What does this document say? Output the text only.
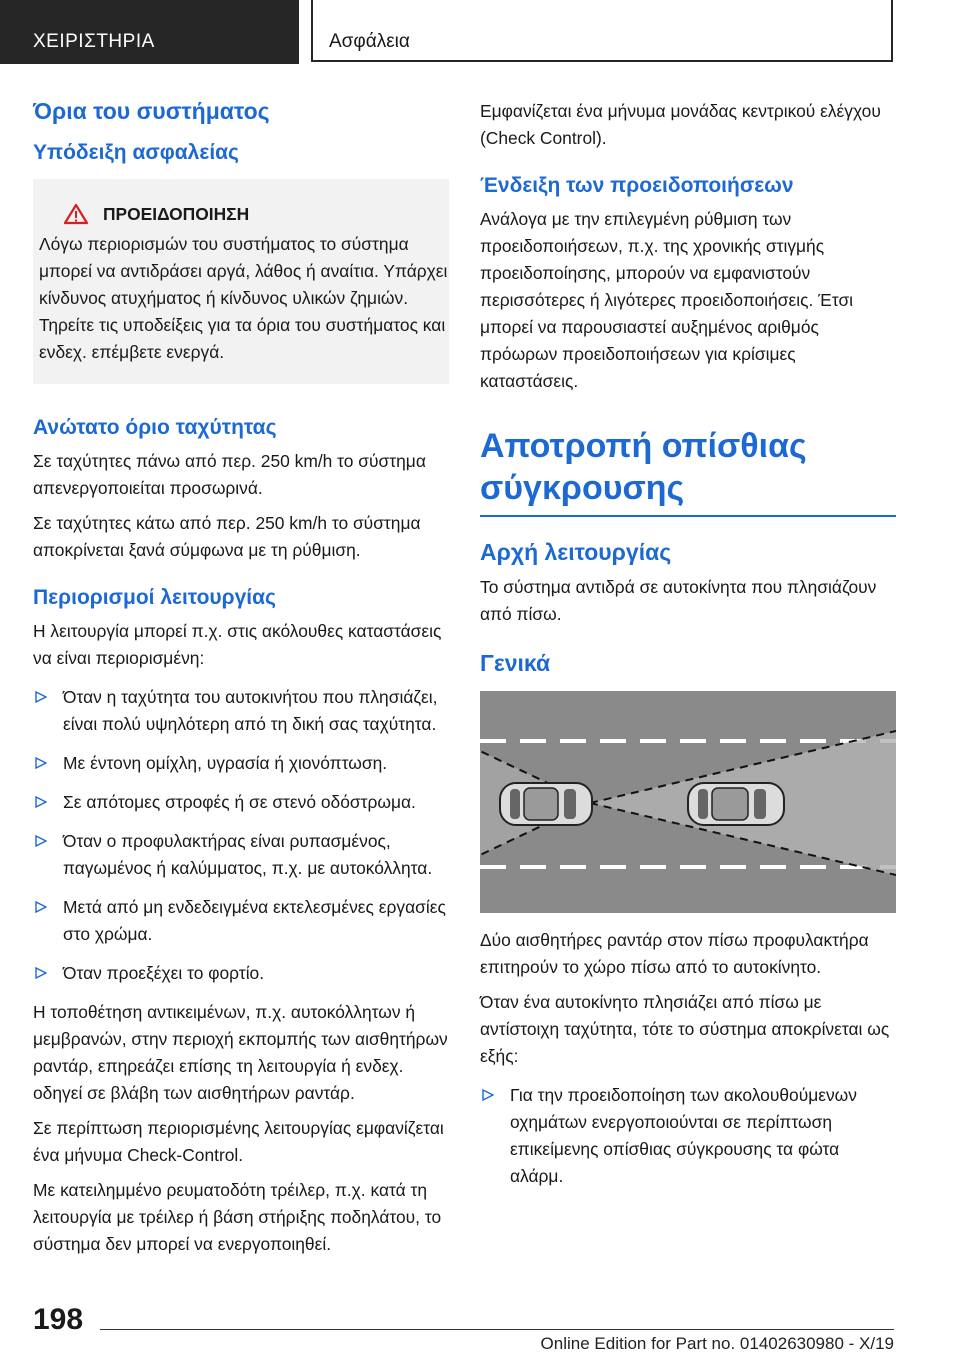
ΧΕΙΡΙΣΤΗΡΙΑ	Ασφάλεια
Όρια του συστήματος
Υπόδειξη ασφαλείας
ΠΡΟΕΙΔΟΠΟΙΗΣΗ

Λόγω περιορισμών του συστήματος το σύστημα μπορεί να αντιδράσει αργά, λάθος ή αναίτια. Υπάρχει κίνδυνος ατυχήματος ή κίνδυνος υλικών ζημιών. Τηρείτε τις υποδείξεις για τα όρια του συστήματος και ενδεχ. επέμβετε ενεργά.

Ανώτατο όριο ταχύτητας

Σε ταχύτητες πάνω από περ. 250 km/h το σύστημα απενεργοποιείται προσωρινά.

Σε ταχύτητες κάτω από περ. 250 km/h το σύστημα αποκρίνεται ξανά σύμφωνα με τη ρύθμιση.

Περιορισμοί λειτουργίας

Η λειτουργία μπορεί π.χ. στις ακόλουθες καταστάσεις να είναι περιορισμένη:

Όταν η ταχύτητα του αυτοκινήτου που πλησιάζει, είναι πολύ υψηλότερη από τη δική σας ταχύτητα.
Με έντονη ομίχλη, υγρασία ή χιονόπτωση.
Σε απότομες στροφές ή σε στενό οδόστρωμα.
Όταν ο προφυλακτήρας είναι ρυπασμένος, παγωμένος ή καλύμματος, π.χ. με αυτοκόλλητα.
Μετά από μη ενδεδειγμένα εκτελεσμένες εργασίες στο χρώμα.
Όταν προεξέχει το φορτίο.

Η τοποθέτηση αντικειμένων, π.χ. αυτοκόλλητων ή μεμβρανών, στην περιοχή εκπομπής των αισθητήρων ραντάρ, επηρεάζει επίσης τη λειτουργία ή ενδεχ. οδηγεί σε βλάβη των αισθητήρων ραντάρ.

Σε περίπτωση περιορισμένης λειτουργίας εμφανίζεται ένα μήνυμα Check-Control.

Με κατειλημμένο ρευματοδότη τρέιλερ, π.χ. κατά τη λειτουργία με τρέιλερ ή βάση στήριξης ποδηλάτου, το σύστημα δεν μπορεί να ενεργοποιηθεί.

Εμφανίζεται ένα μήνυμα μονάδας κεντρικού ελέγχου (Check Control).

Ένδειξη των προειδοποιήσεων

Ανάλογα με την επιλεγμένη ρύθμιση των προειδοποιήσεων, π.χ. της χρονικής στιγμής προειδοποίησης, μπορούν να εμφανιστούν περισσότερες ή λιγότερες προειδοποιήσεις. Έτσι μπορεί να παρουσιαστεί αυξημένος αριθμός πρόωρων προειδοποιήσεων για κρίσιμες καταστάσεις.

Αποτροπή οπίσθιας σύγκρουσης
Αρχή λειτουργίας

Το σύστημα αντιδρά σε αυτοκίνητα που πλησιάζουν από πίσω.

Γενικά

Δύο αισθητήρες ραντάρ στον πίσω προφυλακτήρα επιτηρούν το χώρο πίσω από το αυτοκίνητο.

Όταν ένα αυτοκίνητο πλησιάζει από πίσω με αντίστοιχη ταχύτητα, τότε το σύστημα αποκρίνεται ως εξής:

Για την προειδοποίηση των ακολουθούμενων οχημάτων ενεργοποιούνται σε περίπτωση επικείμενης οπίσθιας σύγκρουσης τα φώτα αλάρμ.
198
Online Edition for Part no. 01402630980 - X/19
